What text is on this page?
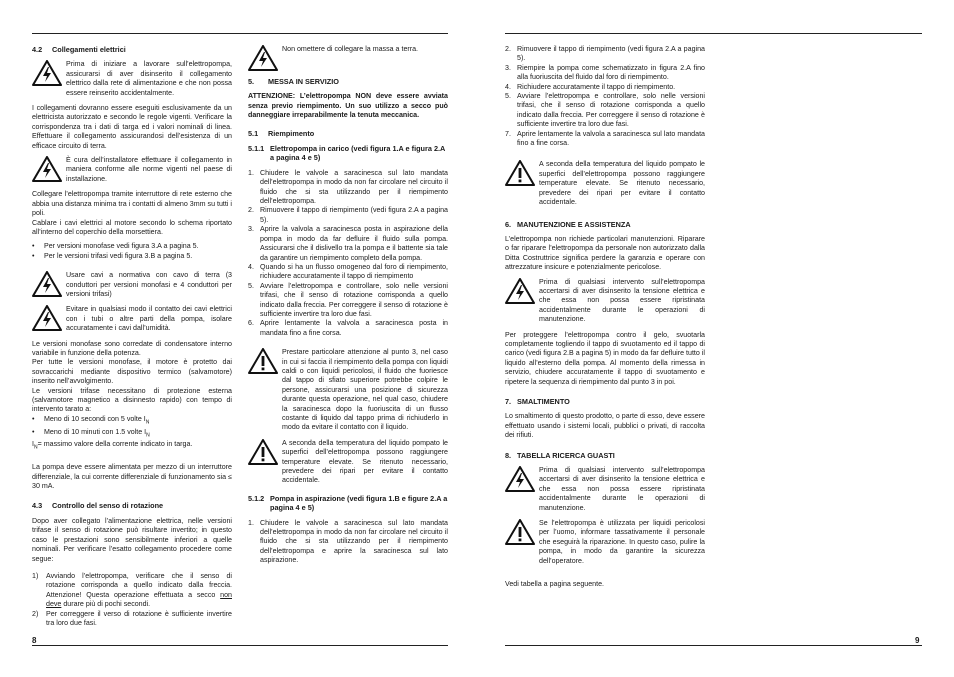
4.2 Collegamenti elettrici
Prima di iniziare a lavorare sull’elettropompa, assicurarsi di aver disinserito il collegamento elettrico dalla rete di alimentazione e che non possa essere reinserito accidentalmente.

I collegamenti dovranno essere eseguiti esclusivamente da un elettricista autorizzato e secondo le regole vigenti. Verificare la corrispondenza tra i dati di targa ed i valori nominali di linea. Effettuare il collegamento assicurandosi dell’esistenza di un efficace circuito di terra.

È cura dell’installatore effettuare il collegamento in maniera conforme alle norme vigenti nel paese di installazione.

Collegare l’elettropompa tramite interruttore di rete esterno che abbia una distanza minima tra i contatti di almeno 3mm su tutti i poli.

Cablare i cavi elettrici al motore secondo lo schema riportato all’interno del coperchio della morsettiera.

•	Per versioni monofase vedi figura 3.A a pagina 5.
•	Per le versioni trifasi vedi figura 3.B a pagina 5.
Usare cavi a normativa con cavo di terra (3 conduttori per versioni monofasi e 4 conduttori per versioni trifasi)
Evitare in qualsiasi modo il contatto dei cavi elettrici con i tubi o altre parti della pompa, isolare accuratamente i cavi dall’umidità.

Le versioni monofase sono corredate di condensatore interno variabile in funzione della potenza.

Per tutte le versioni monofase, il motore è protetto dai sovraccarichi mediante dispositivo termico (salvamotore) inserito nell’avvolgimento.

Le versioni trifase necessitano di protezione esterna (salvamotore magnetico a disinnesto rapido) con tempo di intervento tarato a:

•	Meno di 10 secondi con 5 volte $I_N$
•	Meno di 10 minuti con 1.5 volte $I_N$
$I_N=$ massimo valore della corrente indicato in targa.

La pompa deve essere alimentata per mezzo di un interruttore differenziale, la cui corrente differenziale di funzionamento sia ≤ 30 mA.

4.3 Controllo del senso di rotazione

Dopo aver collegato l’alimentazione elettrica, nelle versioni trifase il senso di rotazione può risultare invertito; in questo caso le prestazioni sono sensibilmente inferiori a quelle nominali. Per verificare l’esatto collegamento procedere come segue:

1)	Avviando l’elettropompa, verificare che il senso di rotazione corrisponda a quello indicato dalla freccia. Attenzione! Questa operazione effettuata a secco non deve durare più di pochi secondi.
2)	Per correggere il verso di rotazione è sufficiente invertire tra loro due fasi.
8
Non omettere di collegare la massa a terra.
5. MESSA IN SERVIZIO

ATTENZIONE: L’elettropompa NON deve essere avviata senza previo riempimento. Un suo utilizzo a secco può danneggiare irreparabilmente la tenuta meccanica.

5.1 Riempimento
5.1.1 Elettropompa in carico (vedi figura 1.A e figura 2.A a pagina 4 e 5)
1. Chiudere le valvole a saracinesca sul lato mandata dell’elettropompa in modo da non far circolare nel circuito il fluido che si sta utilizzando per il riempimento dell’elettropompa.
2. Rimuovere il tappo di riempimento (vedi figura 2.A a pagina 5).
3. Aprire la valvola a saracinesca posta in aspirazione della pompa in modo da far defluire il fluido sulla pompa. Assicurarsi che il dislivello tra la pompa e il battente sia tale da garantire un riempimento completo della pompa.
4. Quando si ha un flusso omogeneo dal foro di riempimento, richiudere accuratamente il tappo di riempimento
5. Avviare l’elettropompa e controllare, solo nelle versioni trifasi, che il senso di rotazione corrisponda a quello indicato dalla freccia. Per correggere il senso di rotazione è sufficiente invertire tra loro due fasi.
6. Aprire lentamente la valvola a saracinesca posta in mandata fino a fine corsa.
Prestare particolare attenzione al punto 3, nel caso in cui si faccia il riempimento della pompa con liquidi caldi o con liquidi pericolosi, il fluido che fuoriesce dal tappo di sfiato superiore potrebbe colpire le persone, assicurarsi una posizione di sicurezza durante questa operazione, nel qual caso, chiudere la saracinesca dopo la fuoriuscita di un flusso costante di liquido dal tappo prima di richiuderlo in modo da evitare il contatto con il liquido.
A seconda della temperatura del liquido pompato le superfici dell’elettropompa possono raggiungere temperature elevate. Se ritenuto necessario, prevedere dei ripari per evitare il contatto accidentale.
5.1.2 Pompa in aspirazione (vedi figura 1.B e figure 2.A a pagina 4 e 5)
1. Chiudere le valvole a saracinesca sul lato mandata dell’elettropompa in modo da non far circolare nel circuito il fluido che si sta utilizzando per il riempimento dell’elettropompa e aprire la saracinesca sul lato aspirazione.
2. Rimuovere il tappo di riempimento (vedi figura 2.A a pagina 5).
3. Riempire la pompa come schematizzato in figura 2.A fino alla fuoriuscita del fluido dal foro di riempimento.
4. Richiudere accuratamente il tappo di riempimento.
5. Avviare l’elettropompa e controllare, solo nelle versioni trifasi, che il senso di rotazione corrisponda a quello indicato dalla freccia. Per correggere il senso di rotazione è sufficiente invertire tra loro due fasi.
7. Aprire lentamente la valvola a saracinesca sul lato mandata fino a fine corsa.
A seconda della temperatura del liquido pompato le superfici dell’elettropompa possono raggiungere temperature elevate. Se ritenuto necessario, prevedere dei ripari per evitare il contatto accidentale.
6. MANUTENZIONE E ASSISTENZA

L’elettropompa non richiede particolari manutenzioni. Riparare o far riparare l’elettropompa da personale non autorizzato dalla Ditta Costruttrice significa perdere la garanzia e operare con attrezzature insicure e potenzialmente pericolose.

Prima di qualsiasi intervento sull’elettropompa accertarsi di aver disinserito la tensione elettrica e che essa non possa essere ripristinata accidentalmente durante le operazioni di manutenzione.

Per proteggere l’elettropompa contro il gelo, svuotarla completamente togliendo il tappo di svuotamento ed il tappo di carico (vedi figura 2.B a pagina 5) in modo da far defluire tutto il liquido all’esterno della pompa. Al momento della rimessa in servizio, chiudere accuratamente il tappo di svuotamento e ripetere la sequenza di riempimento dal punto 3 in poi.

7. SMALTIMENTO

Lo smaltimento di questo prodotto, o parte di esso, deve essere effettuato usando i sistemi locali, pubblici o privati, di raccolta dei rifiuti.

8. TABELLA RICERCA GUASTI
Prima di qualsiasi intervento sull’elettropompa accertarsi di aver disinserito la tensione elettrica e che essa non possa essere ripristinata accidentalmente durante le operazioni di manutenzione.
Se l’elettropompa è utilizzata per liquidi pericolosi per l’uomo, informare tassativamente il personale che eseguirà la riparazione. In questo caso, pulire la pompa, in modo da garantire la sicurezza dell’operatore.

Vedi tabella a pagina seguente.

9
